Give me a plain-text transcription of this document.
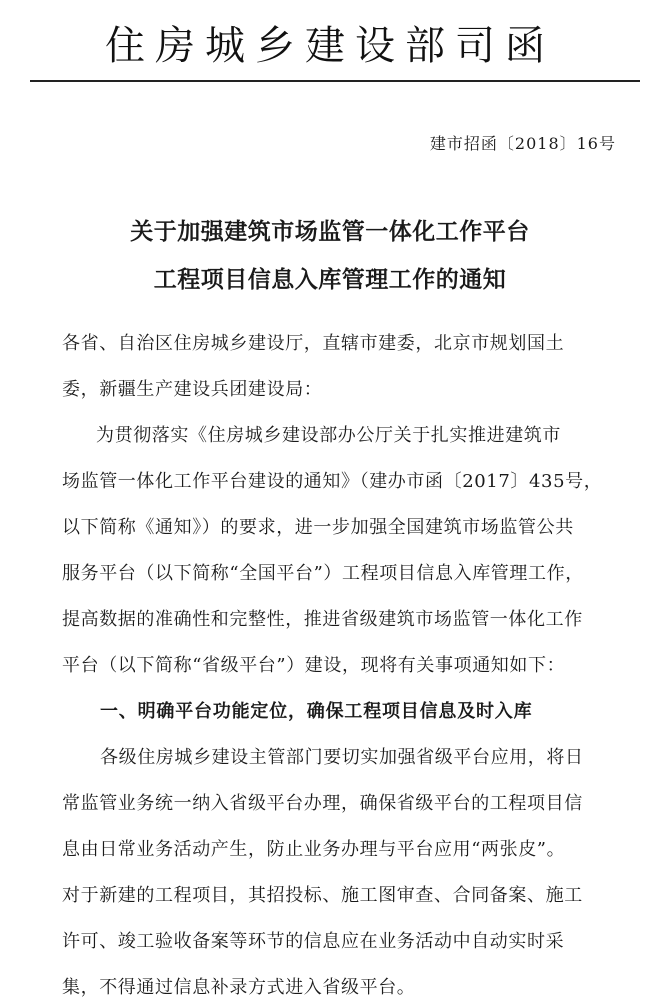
住房城乡建设部司函
建市招函〔2018〕16号
关于加强建筑市场监管一体化工作平台
工程项目信息入库管理工作的通知
各省、自治区住房城乡建设厅，直辖市建委，北京市规划国土
委，新疆生产建设兵团建设局：
为贯彻落实《住房城乡建设部办公厅关于扎实推进建筑市
场监管一体化工作平台建设的通知》（建办市函〔2017〕435号，
以下简称《通知》）的要求，进一步加强全国建筑市场监管公共
服务平台（以下简称“全国平台”）工程项目信息入库管理工作，
提高数据的准确性和完整性，推进省级建筑市场监管一体化工作
平台（以下简称“省级平台”）建设，现将有关事项通知如下：
一、明确平台功能定位，确保工程项目信息及时入库
各级住房城乡建设主管部门要切实加强省级平台应用，将日
常监管业务统一纳入省级平台办理，确保省级平台的工程项目信
息由日常业务活动产生，防止业务办理与平台应用“两张皮”。
对于新建的工程项目，其招投标、施工图审查、合同备案、施工
许可、竣工验收备案等环节的信息应在业务活动中自动实时采
集，不得通过信息补录方式进入省级平台。
